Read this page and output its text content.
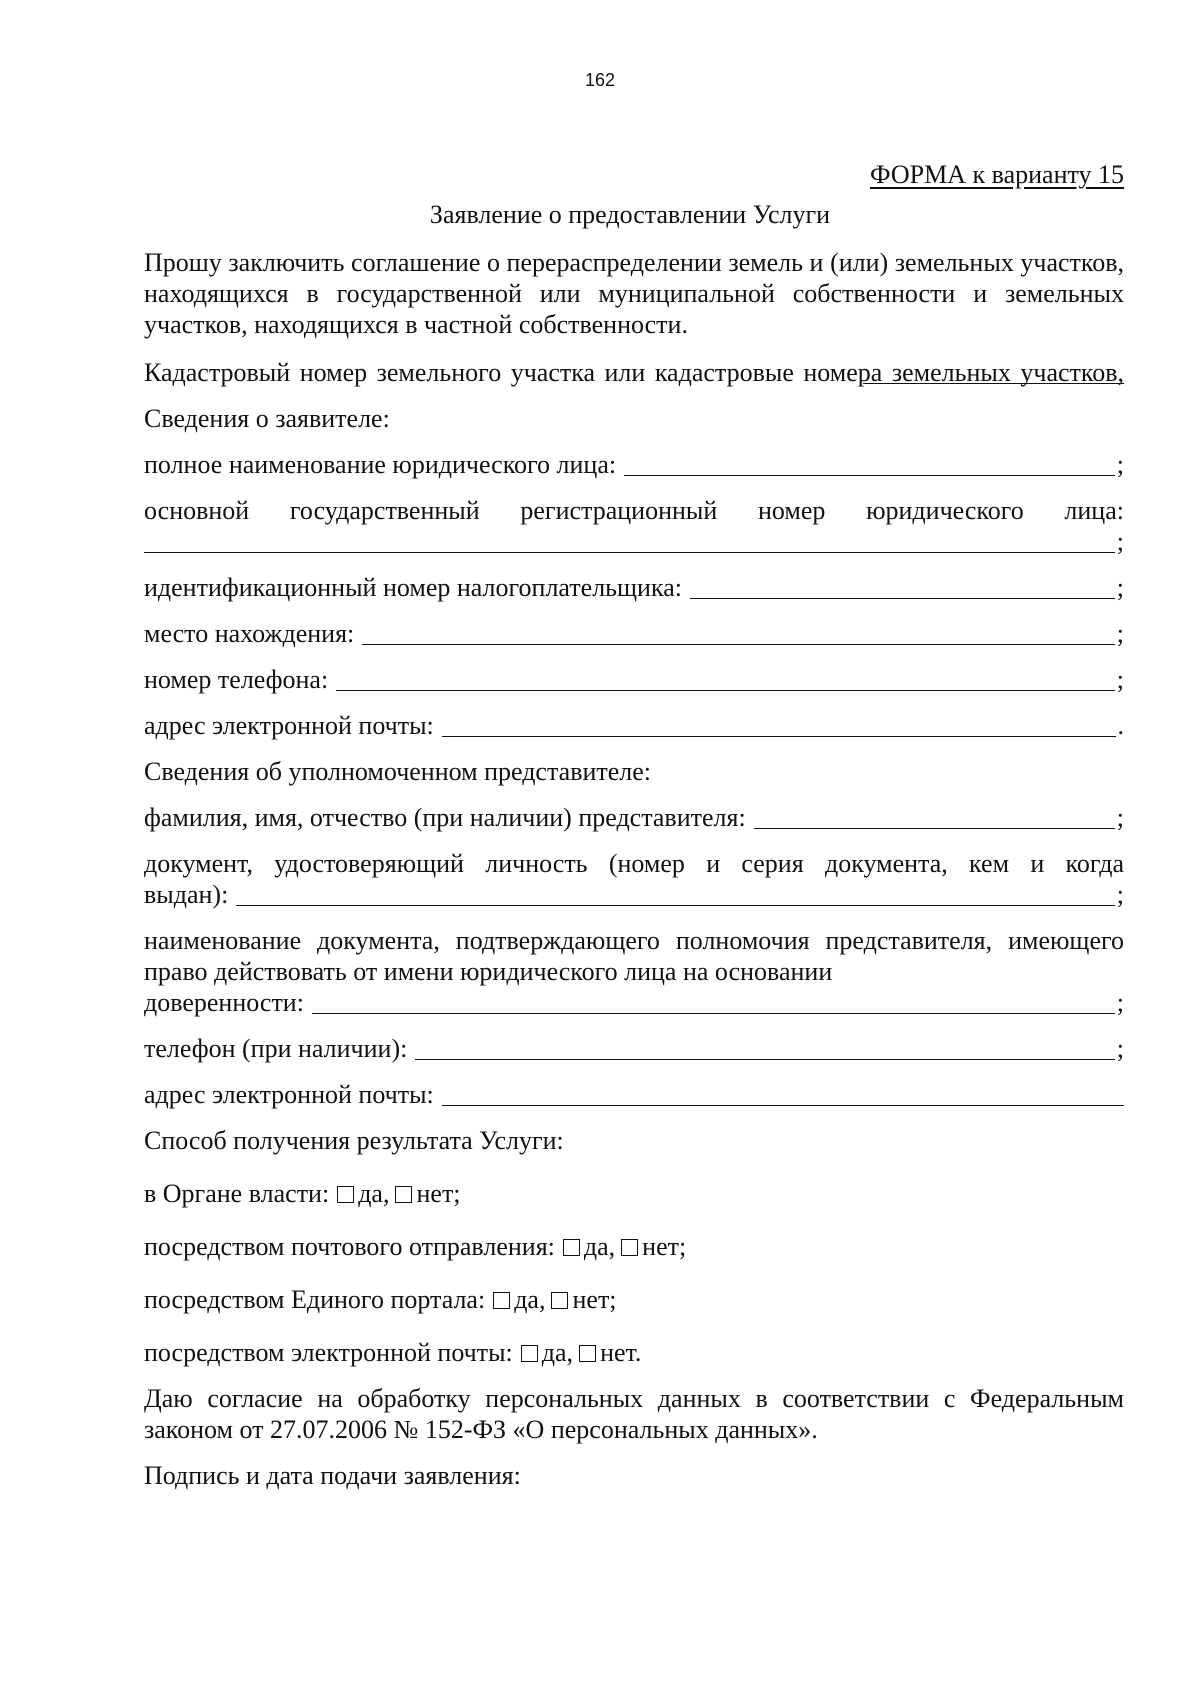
162
ФОРМА к варианту 15
Заявление о предоставлении Услуги

Прошу заключить соглашение о перераспределении земель и (или) земельных участков, находящихся в государственной или муниципальной собственности и земельных участков, находящихся в частной собственности.

Кадастровый номер земельного участка или кадастровые номера земельных участков,
Сведения о заявителе:
полное наименование юридического лица:	;
основной государственный регистрационный номер юридического лица:
;
идентификационный номер налогоплательщика:	;
место нахождения:	;
номер телефона:	;
адрес электронной почты:	.
Сведения об уполномоченном представителе:
фамилия, имя, отчество (при наличии) представителя:	;
документ, удостоверяющий личность (номер и серия документа, кем и когда
выдан):	;
наименование документа, подтверждающего полномочия представителя, имеющего право действовать от имени юридического лица на основании
доверенности:	;
телефон (при наличии):	;
адрес электронной почты:
Способ получения результата Услуги:
в Органе власти: да, нет;
посредством почтового отправления: да, нет;
посредством Единого портала: да, нет;
посредством электронной почты: да, нет.
Даю согласие на обработку персональных данных в соответствии с Федеральным законом от 27.07.2006 № 152-ФЗ «О персональных данных».
Подпись и дата подачи заявления:
